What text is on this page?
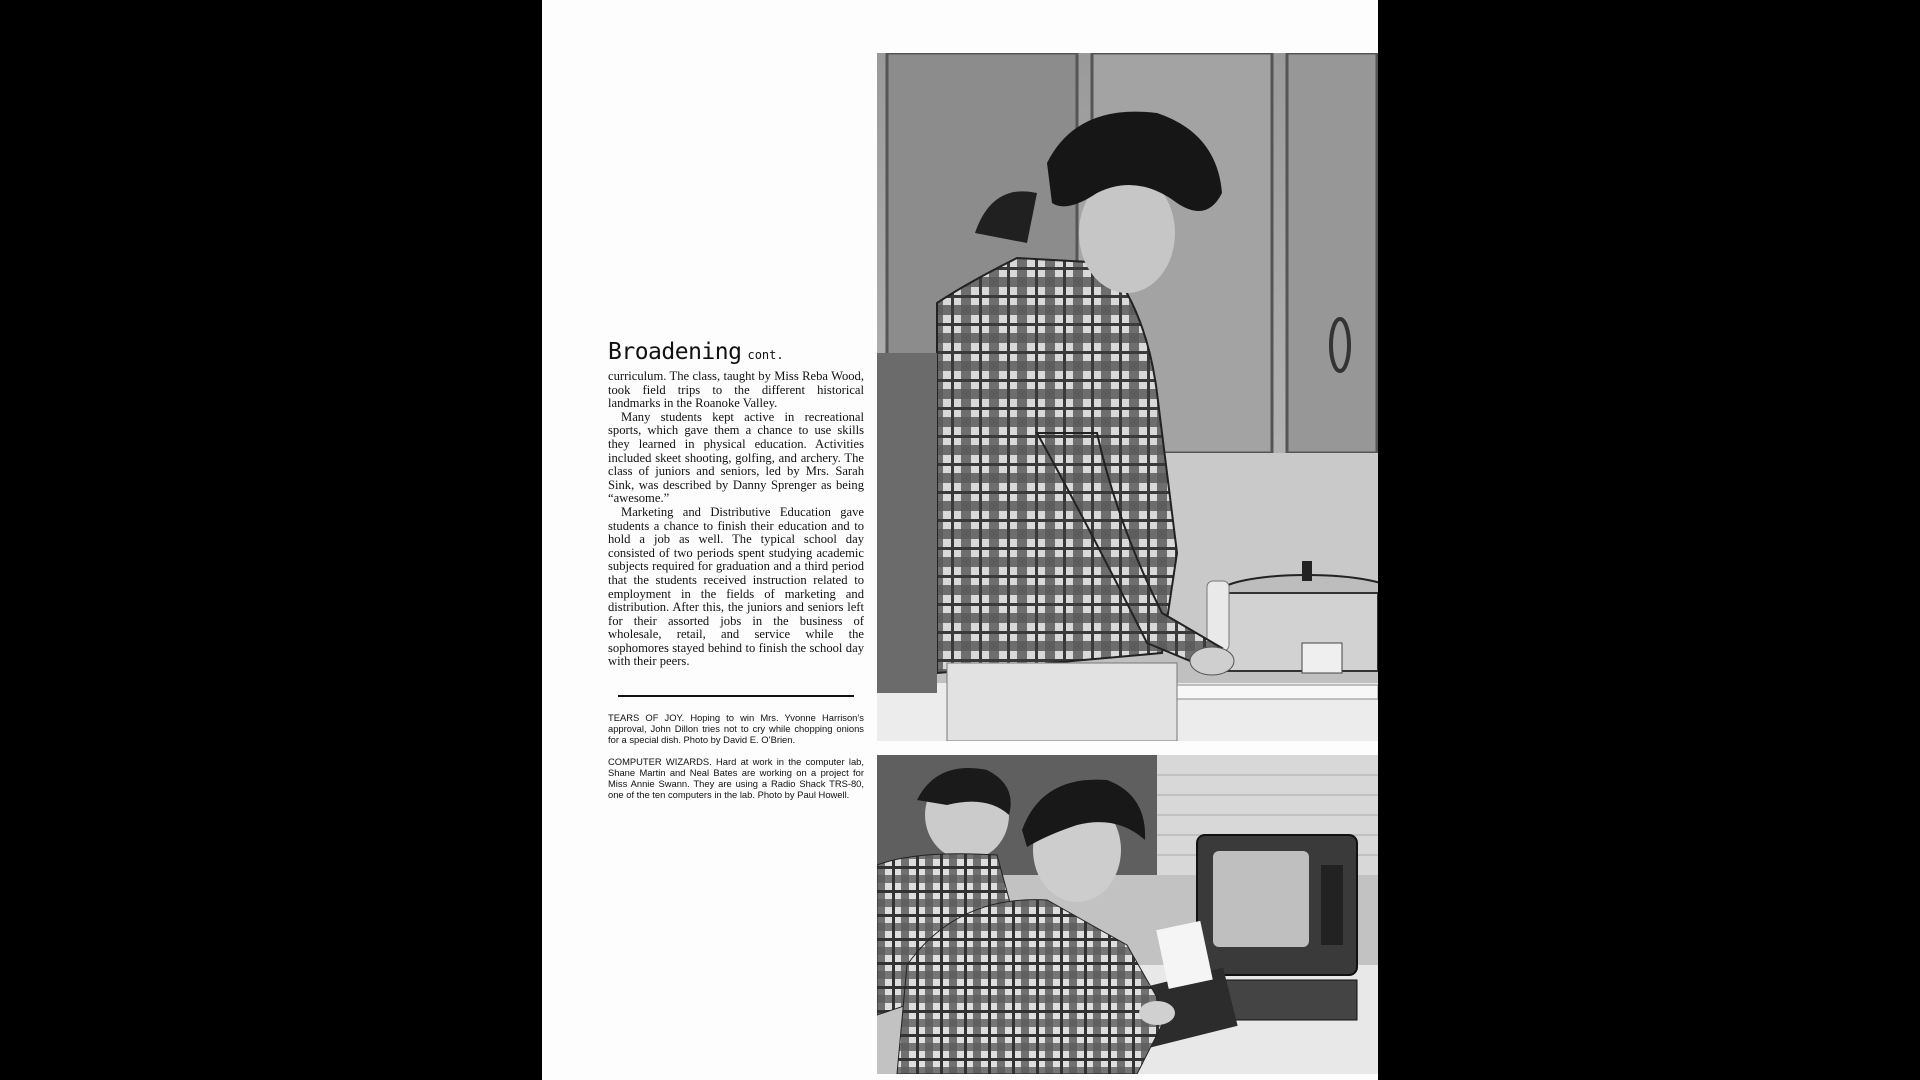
Broadening cont.

curriculum. The class, taught by Miss Reba Wood, took field trips to the different historical landmarks in the Roanoke Valley.

Many students kept active in recreational sports, which gave them a chance to use skills they learned in physical education. Activities included skeet shooting, golfing, and archery. The class of juniors and seniors, led by Mrs. Sarah Sink, was described by Danny Sprenger as being “awesome.”

Marketing and Distributive Education gave students a chance to finish their education and to hold a job as well. The typical school day consisted of two periods spent studying academic subjects required for graduation and a third period that the students received instruction related to employment in the fields of marketing and distribution. After this, the juniors and seniors left for their assorted jobs in the business of wholesale, retail, and service while the sophomores stayed behind to finish the school day with their peers.

TEARS OF JOY. Hoping to win Mrs. Yvonne Harrison’s approval, John Dillon tries not to cry while chopping onions for a special dish. Photo by David E. O’Brien.

COMPUTER WIZARDS. Hard at work in the computer lab, Shane Martin and Neal Bates are working on a project for Miss Annie Swann. They are using a Radio Shack TRS-80, one of the ten computers in the lab. Photo by Paul Howell.
